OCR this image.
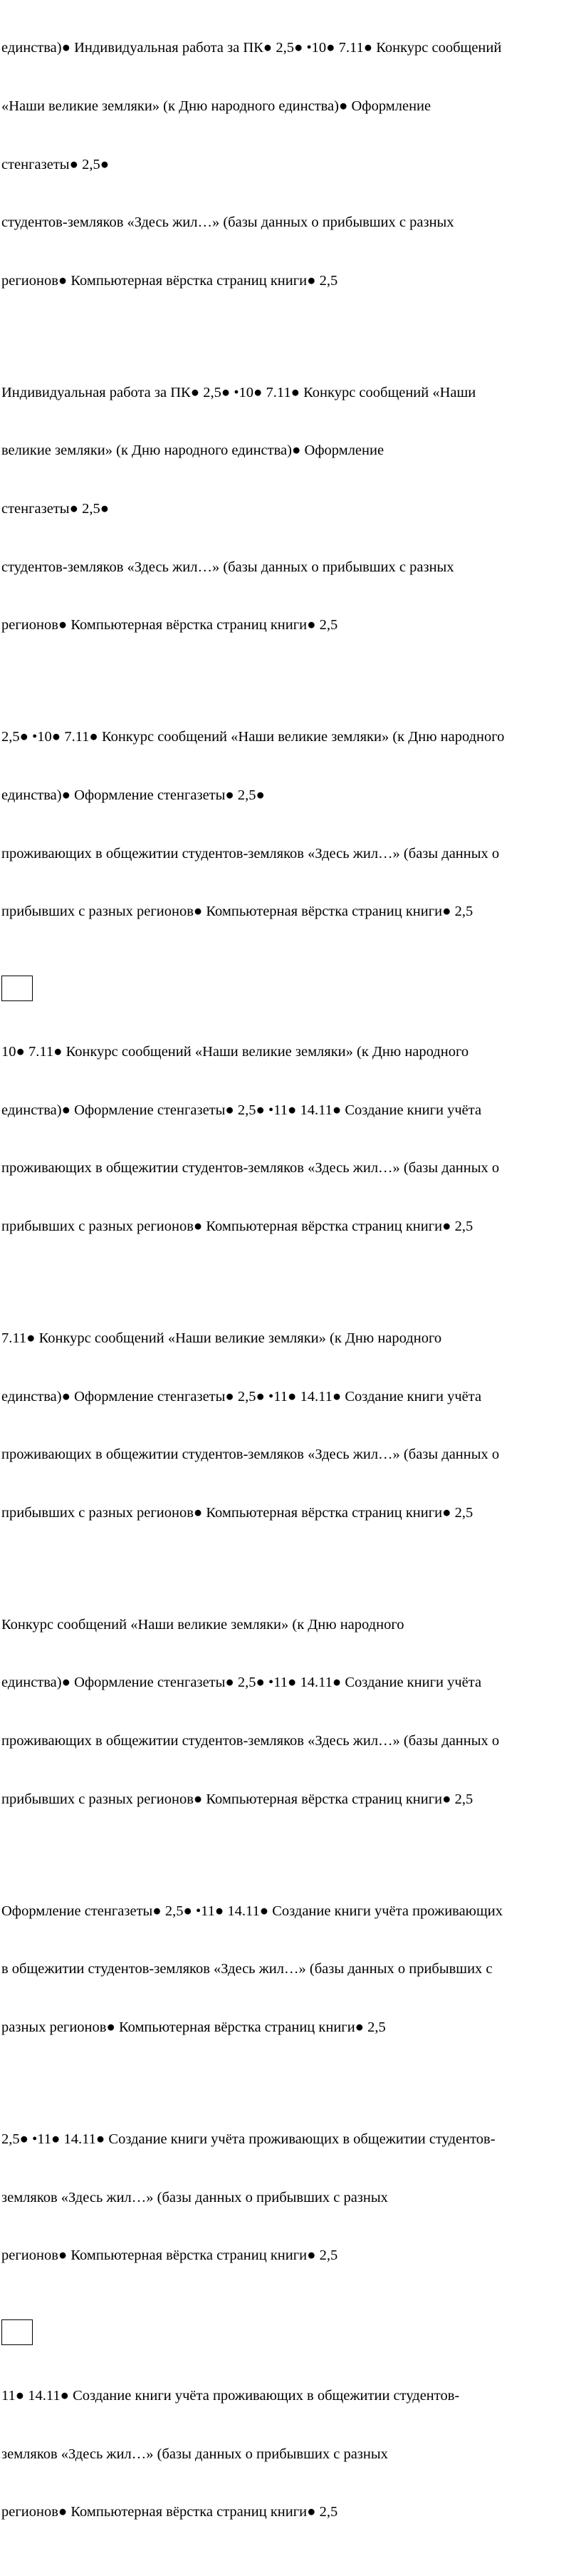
единства)● Индивидуальная работа за ПК● 2,5● •10● 7.11● Конкурс сообщений

«Наши великие земляки» (к Дню народного единства)● Оформление

стенгазеты● 2,5●

студентов-земляков «Здесь жил…» (базы данных о прибывших с разных

регионов● Компьютерная вёрстка страниц книги● 2,5

Индивидуальная работа за ПК● 2,5● •10● 7.11● Конкурс сообщений «Наши

великие земляки» (к Дню народного единства)● Оформление

стенгазеты● 2,5●

студентов-земляков «Здесь жил…» (базы данных о прибывших с разных

регионов● Компьютерная вёрстка страниц книги● 2,5

2,5● •10● 7.11● Конкурс сообщений «Наши великие земляки» (к Дню народного

единства)● Оформление стенгазеты● 2,5●

проживающих в общежитии студентов-земляков «Здесь жил…» (базы данных о

прибывших с разных регионов● Компьютерная вёрстка страниц книги● 2,5

10● 7.11● Конкурс сообщений «Наши великие земляки» (к Дню народного

единства)● Оформление стенгазеты● 2,5● •11● 14.11● Создание книги учёта

проживающих в общежитии студентов-земляков «Здесь жил…» (базы данных о

прибывших с разных регионов● Компьютерная вёрстка страниц книги● 2,5

7.11● Конкурс сообщений «Наши великие земляки» (к Дню народного

единства)● Оформление стенгазеты● 2,5● •11● 14.11● Создание книги учёта

проживающих в общежитии студентов-земляков «Здесь жил…» (базы данных о

прибывших с разных регионов● Компьютерная вёрстка страниц книги● 2,5

Конкурс сообщений «Наши великие земляки» (к Дню народного

единства)● Оформление стенгазеты● 2,5● •11● 14.11● Создание книги учёта

проживающих в общежитии студентов-земляков «Здесь жил…» (базы данных о

прибывших с разных регионов● Компьютерная вёрстка страниц книги● 2,5

Оформление стенгазеты● 2,5● •11● 14.11● Создание книги учёта проживающих

в общежитии студентов-земляков «Здесь жил…» (базы данных о прибывших с

разных регионов● Компьютерная вёрстка страниц книги● 2,5

2,5● •11● 14.11● Создание книги учёта проживающих в общежитии студентов-

земляков «Здесь жил…» (базы данных о прибывших с разных

регионов● Компьютерная вёрстка страниц книги● 2,5

11● 14.11● Создание книги учёта проживающих в общежитии студентов-

земляков «Здесь жил…» (базы данных о прибывших с разных

регионов● Компьютерная вёрстка страниц книги● 2,5
